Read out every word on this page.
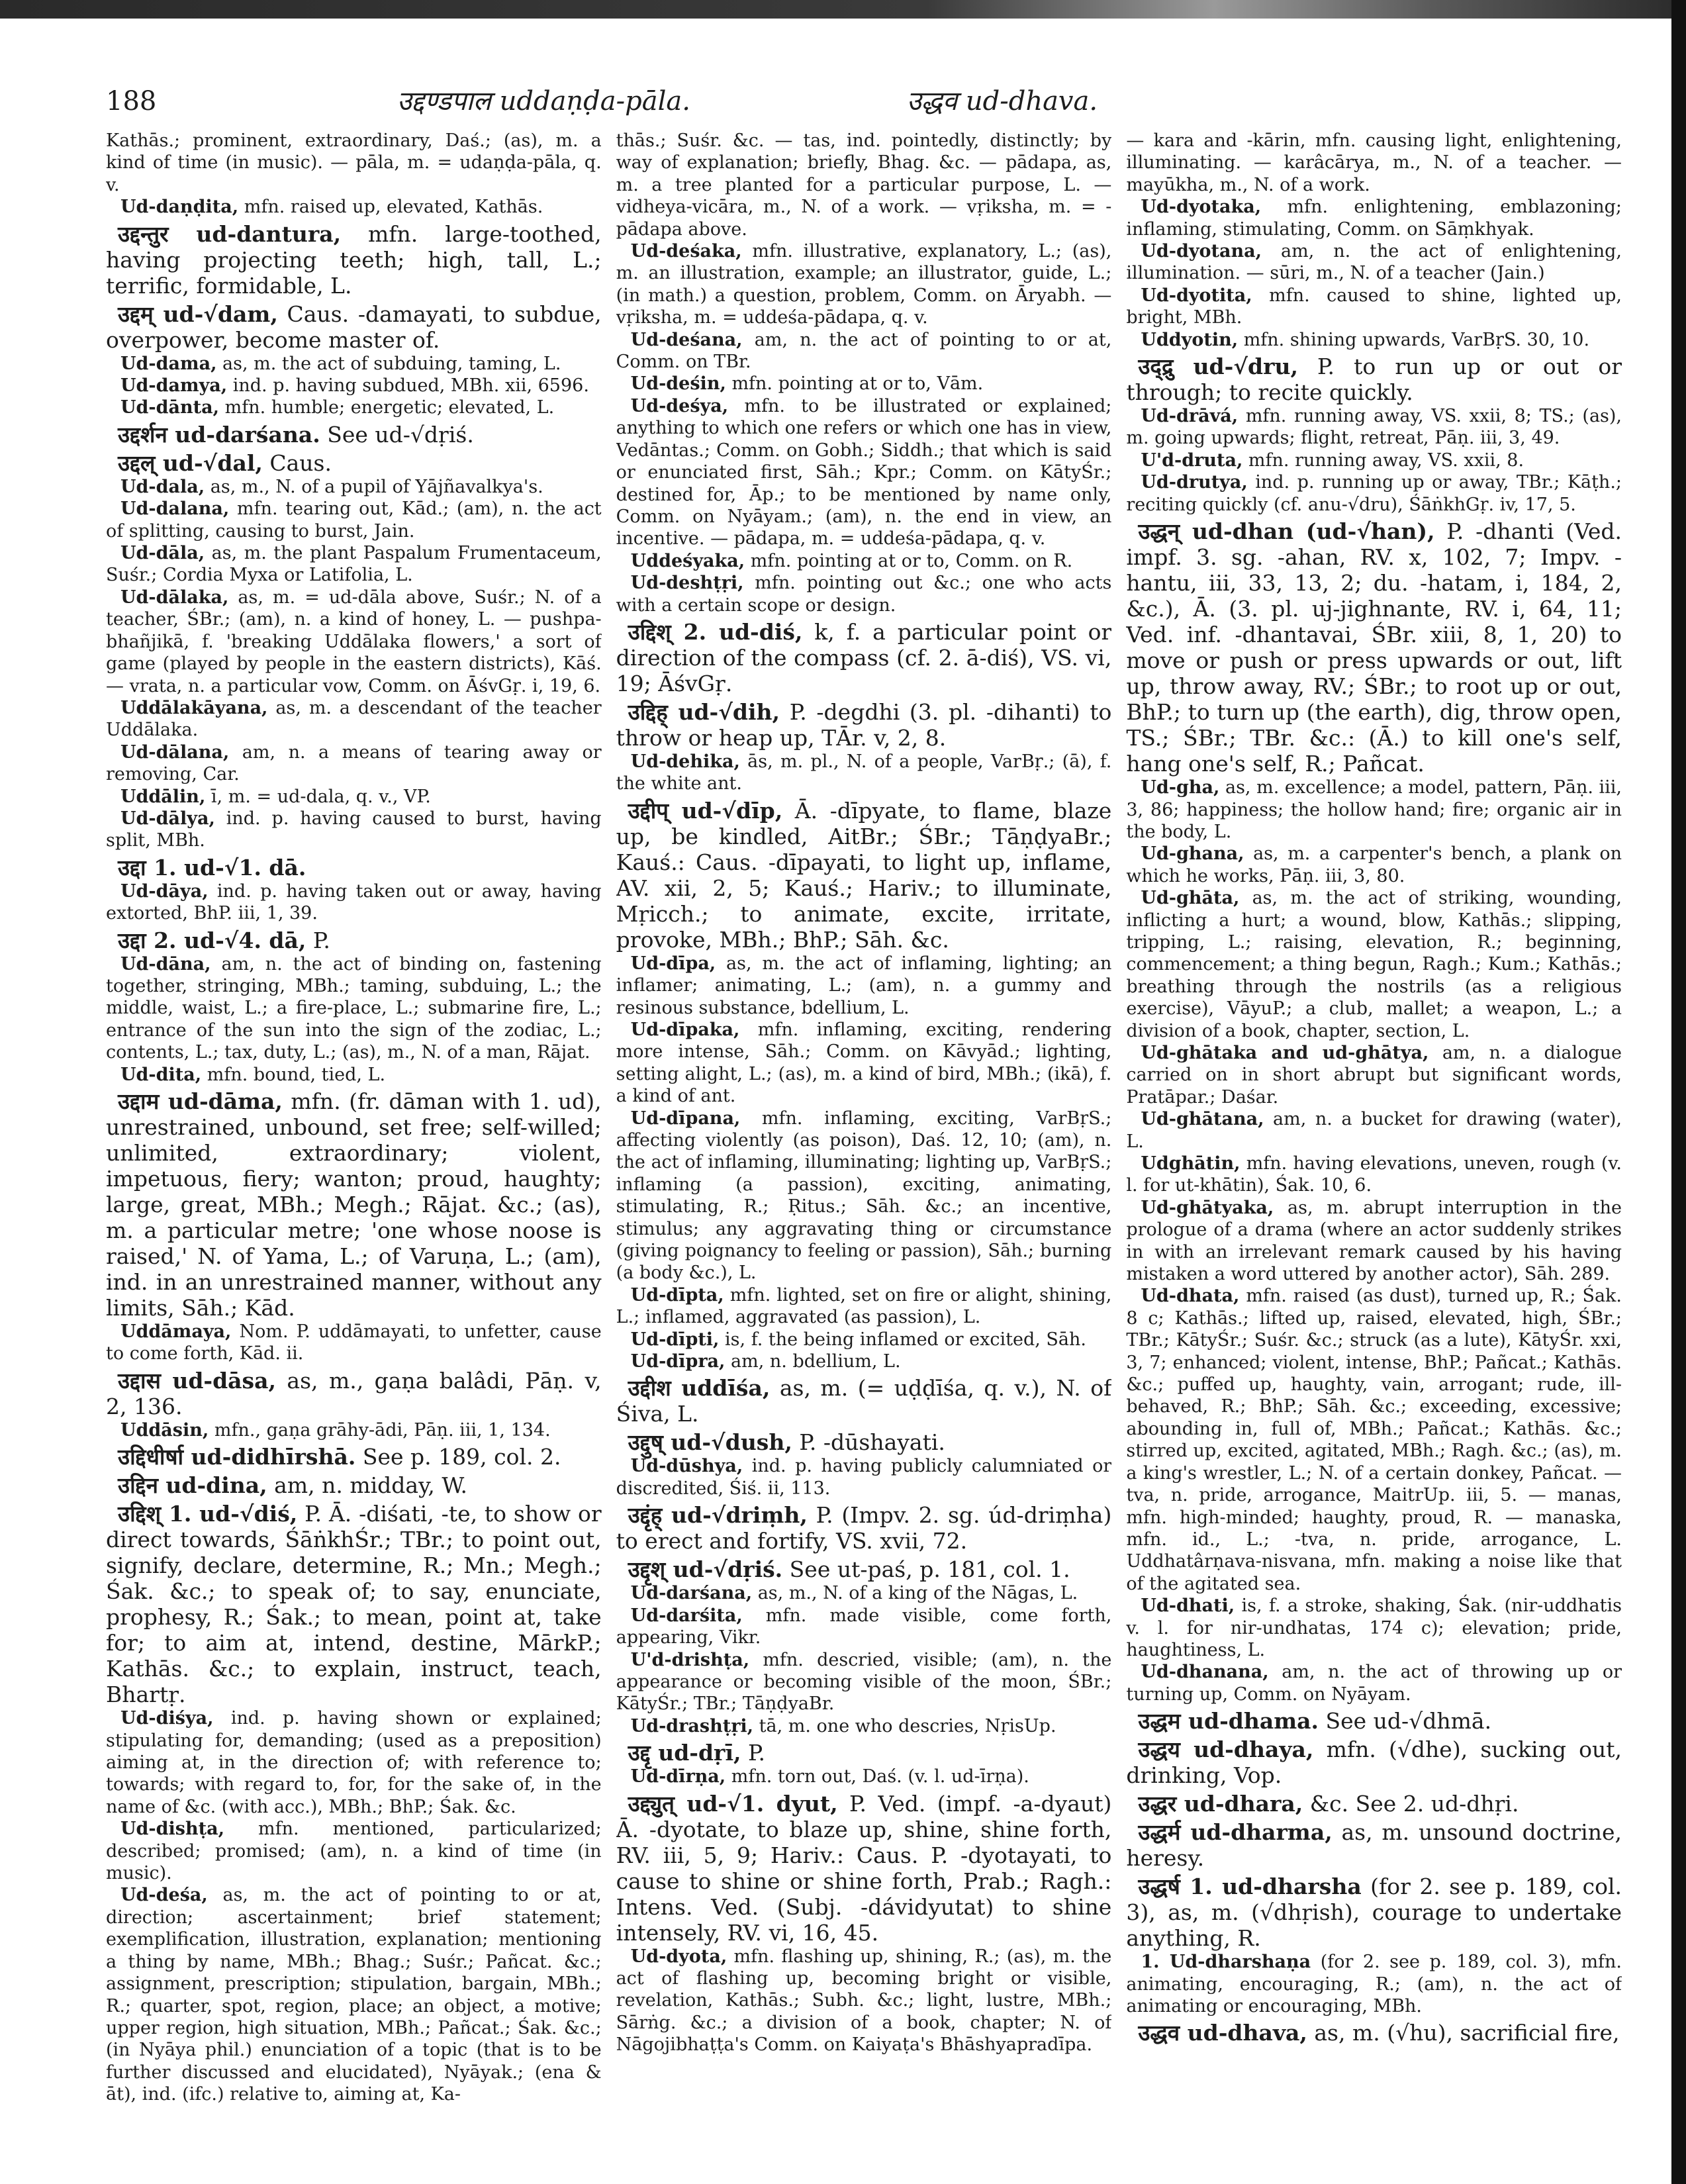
188	उद्दण्डपाल uddaṇḍa-pāla.	उद्धव ud-dhava.

Kathās.; prominent, extraordinary, Daś.; (as), m. a kind of time (in music). — pāla, m. = udaṇḍa-pāla, q. v.

Ud-daṇḍita, mfn. raised up, elevated, Kathās.

उद्दन्तुर ud-dantura, mfn. large-toothed, having projecting teeth; high, tall, L.; terrific, formidable, L.

उद्दम् ud-√dam, Caus. -damayati, to subdue, overpower, become master of.

Ud-dama, as, m. the act of subduing, taming, L.

Ud-damya, ind. p. having subdued, MBh. xii, 6596.

Ud-dānta, mfn. humble; energetic; elevated, L.

उद्दर्शन ud-darśana. See ud-√dṛiś.

उद्दल् ud-√dal, Caus.

Ud-dala, as, m., N. of a pupil of Yājñavalkya's.

Ud-dalana, mfn. tearing out, Kād.; (am), n. the act of splitting, causing to burst, Jain.

Ud-dāla, as, m. the plant Paspalum Frumentaceum, Suśr.; Cordia Myxa or Latifolia, L.

Ud-dālaka, as, m. = ud-dāla above, Suśr.; N. of a teacher, ŚBr.; (am), n. a kind of honey, L. — pushpa-bhañjikā, f. 'breaking Uddālaka flowers,' a sort of game (played by people in the eastern districts), Kāś. — vrata, n. a particular vow, Comm. on ĀśvGṛ. i, 19, 6.

Uddālakāyana, as, m. a descendant of the teacher Uddālaka.

Ud-dālana, am, n. a means of tearing away or removing, Car.

Uddālin, ī, m. = ud-dala, q. v., VP.

Ud-dālya, ind. p. having caused to burst, having split, MBh.

उद्दा 1. ud-√1. dā.

Ud-dāya, ind. p. having taken out or away, having extorted, BhP. iii, 1, 39.

उद्दा 2. ud-√4. dā, P.

Ud-dāna, am, n. the act of binding on, fastening together, stringing, MBh.; taming, subduing, L.; the middle, waist, L.; a fire-place, L.; submarine fire, L.; entrance of the sun into the sign of the zodiac, L.; contents, L.; tax, duty, L.; (as), m., N. of a man, Rājat.

Ud-dita, mfn. bound, tied, L.

उद्दाम ud-dāma, mfn. (fr. dāman with 1. ud), unrestrained, unbound, set free; self-willed; unlimited, extraordinary; violent, impetuous, fiery; wanton; proud, haughty; large, great, MBh.; Megh.; Rājat. &c.; (as), m. a particular metre; 'one whose noose is raised,' N. of Yama, L.; of Varuṇa, L.; (am), ind. in an unrestrained manner, without any limits, Sāh.; Kād.

Uddāmaya, Nom. P. uddāmayati, to unfetter, cause to come forth, Kād. ii.

उद्दास ud-dāsa, as, m., gaṇa balâdi, Pāṇ. v, 2, 136.

Uddāsin, mfn., gaṇa grāhy-ādi, Pāṇ. iii, 1, 134.

उद्दिधीर्षा ud-didhīrshā. See p. 189, col. 2.

उद्दिन ud-dina, am, n. midday, W.

उद्दिश् 1. ud-√diś, P. Ā. -diśati, -te, to show or direct towards, ŚāṅkhŚr.; TBr.; to point out, signify, declare, determine, R.; Mn.; Megh.; Śak. &c.; to speak of; to say, enunciate, prophesy, R.; Śak.; to mean, point at, take for; to aim at, intend, destine, MārkP.; Kathās. &c.; to explain, instruct, teach, Bhartṛ.

Ud-diśya, ind. p. having shown or explained; stipulating for, demanding; (used as a preposition) aiming at, in the direction of; with reference to; towards; with regard to, for, for the sake of, in the name of &c. (with acc.), MBh.; BhP.; Śak. &c.

Ud-dishṭa, mfn. mentioned, particularized; described; promised; (am), n. a kind of time (in music).

Ud-deśa, as, m. the act of pointing to or at, direction; ascertainment; brief statement; exemplification, illustration, explanation; mentioning a thing by name, MBh.; Bhag.; Suśr.; Pañcat. &c.; assignment, prescription; stipulation, bargain, MBh.; R.; quarter, spot, region, place; an object, a motive; upper region, high situation, MBh.; Pañcat.; Śak. &c.; (in Nyāya phil.) enunciation of a topic (that is to be further discussed and elucidated), Nyāyak.; (ena & āt), ind. (ifc.) relative to, aiming at, Ka-

thās.; Suśr. &c. — tas, ind. pointedly, distinctly; by way of explanation; briefly, Bhag. &c. — pādapa, as, m. a tree planted for a particular purpose, L. — vidheya-vicāra, m., N. of a work. — vṛiksha, m. = -pādapa above.

Ud-deśaka, mfn. illustrative, explanatory, L.; (as), m. an illustration, example; an illustrator, guide, L.; (in math.) a question, problem, Comm. on Āryabh. — vṛiksha, m. = uddeśa-pādapa, q. v.

Ud-deśana, am, n. the act of pointing to or at, Comm. on TBr.

Ud-deśin, mfn. pointing at or to, Vām.

Ud-deśya, mfn. to be illustrated or explained; anything to which one refers or which one has in view, Vedāntas.; Comm. on Gobh.; Siddh.; that which is said or enunciated first, Sāh.; Kpr.; Comm. on KātyŚr.; destined for, Āp.; to be mentioned by name only, Comm. on Nyāyam.; (am), n. the end in view, an incentive. — pādapa, m. = uddeśa-pādapa, q. v.

Uddeśyaka, mfn. pointing at or to, Comm. on R.

Ud-deshṭṛi, mfn. pointing out &c.; one who acts with a certain scope or design.

उद्दिश् 2. ud-diś, k, f. a particular point or direction of the compass (cf. 2. ā-diś), VS. vi, 19; ĀśvGṛ.

उद्दिह् ud-√dih, P. -degdhi (3. pl. -dihanti) to throw or heap up, TĀr. v, 2, 8.

Ud-dehika, ās, m. pl., N. of a people, VarBṛ.; (ā), f. the white ant.

उद्दीप् ud-√dīp, Ā. -dīpyate, to flame, blaze up, be kindled, AitBr.; ŚBr.; TāṇḍyaBr.; Kauś.: Caus. -dīpayati, to light up, inflame, AV. xii, 2, 5; Kauś.; Hariv.; to illuminate, Mṛicch.; to animate, excite, irritate, provoke, MBh.; BhP.; Sāh. &c.

Ud-dīpa, as, m. the act of inflaming, lighting; an inflamer; animating, L.; (am), n. a gummy and resinous substance, bdellium, L.

Ud-dīpaka, mfn. inflaming, exciting, rendering more intense, Sāh.; Comm. on Kāvyād.; lighting, setting alight, L.; (as), m. a kind of bird, MBh.; (ikā), f. a kind of ant.

Ud-dīpana, mfn. inflaming, exciting, VarBṛS.; affecting violently (as poison), Daś. 12, 10; (am), n. the act of inflaming, illuminating; lighting up, VarBṛS.; inflaming (a passion), exciting, animating, stimulating, R.; Ṛitus.; Sāh. &c.; an incentive, stimulus; any aggravating thing or circumstance (giving poignancy to feeling or passion), Sāh.; burning (a body &c.), L.

Ud-dīpta, mfn. lighted, set on fire or alight, shining, L.; inflamed, aggravated (as passion), L.

Ud-dīpti, is, f. the being inflamed or excited, Sāh.

Ud-dīpra, am, n. bdellium, L.

उद्दीश uddīśa, as, m. (= uḍḍīśa, q. v.), N. of Śiva, L.

उद्दुष् ud-√dush, P. -dūshayati.

Ud-dūshya, ind. p. having publicly calumniated or discredited, Śiś. ii, 113.

उद्दृंह् ud-√driṃh, P. (Impv. 2. sg. úd-driṃha) to erect and fortify, VS. xvii, 72.

उद्दृश् ud-√dṛiś. See ut-paś, p. 181, col. 1.

Ud-darśana, as, m., N. of a king of the Nāgas, L.

Ud-darśita, mfn. made visible, come forth, appearing, Vikr.

U'd-drishṭa, mfn. descried, visible; (am), n. the appearance or becoming visible of the moon, ŚBr.; KātyŚr.; TBr.; TāṇḍyaBr.

Ud-drashṭṛi, tā, m. one who descries, NṛisUp.

उद्दृ ud-dṛī, P.

Ud-dīrṇa, mfn. torn out, Daś. (v. l. ud-īrṇa).

उद्द्युत् ud-√1. dyut, P. Ved. (impf. -a-dyaut) Ā. -dyotate, to blaze up, shine, shine forth, RV. iii, 5, 9; Hariv.: Caus. P. -dyotayati, to cause to shine or shine forth, Prab.; Ragh.: Intens. Ved. (Subj. -dávidyutat) to shine intensely, RV. vi, 16, 45.

Ud-dyota, mfn. flashing up, shining, R.; (as), m. the act of flashing up, becoming bright or visible, revelation, Kathās.; Subh. &c.; light, lustre, MBh.; Sārṅg. &c.; a division of a book, chapter; N. of Nāgojibhaṭṭa's Comm. on Kaiyaṭa's Bhāshyapradīpa.

— kara and -kārin, mfn. causing light, enlightening, illuminating. — karâcārya, m., N. of a teacher. — mayūkha, m., N. of a work.

Ud-dyotaka, mfn. enlightening, emblazoning; inflaming, stimulating, Comm. on Sāṃkhyak.

Ud-dyotana, am, n. the act of enlightening, illumination. — sūri, m., N. of a teacher (Jain.)

Ud-dyotita, mfn. caused to shine, lighted up, bright, MBh.

Uddyotin, mfn. shining upwards, VarBṛS. 30, 10.

उद्द्रु ud-√dru, P. to run up or out or through; to recite quickly.

Ud-drāvá, mfn. running away, VS. xxii, 8; TS.; (as), m. going upwards; flight, retreat, Pāṇ. iii, 3, 49.

U'd-druta, mfn. running away, VS. xxii, 8.

Ud-drutya, ind. p. running up or away, TBr.; Kāṭh.; reciting quickly (cf. anu-√dru), ŚāṅkhGṛ. iv, 17, 5.

उद्धन् ud-dhan (ud-√han), P. -dhanti (Ved. impf. 3. sg. -ahan, RV. x, 102, 7; Impv. -hantu, iii, 33, 13, 2; du. -hatam, i, 184, 2, &c.), Ā. (3. pl. uj-jighnante, RV. i, 64, 11; Ved. inf. -dhantavai, ŚBr. xiii, 8, 1, 20) to move or push or press upwards or out, lift up, throw away, RV.; ŚBr.; to root up or out, BhP.; to turn up (the earth), dig, throw open, TS.; ŚBr.; TBr. &c.: (Ā.) to kill one's self, hang one's self, R.; Pañcat.

Ud-gha, as, m. excellence; a model, pattern, Pāṇ. iii, 3, 86; happiness; the hollow hand; fire; organic air in the body, L.

Ud-ghana, as, m. a carpenter's bench, a plank on which he works, Pāṇ. iii, 3, 80.

Ud-ghāta, as, m. the act of striking, wounding, inflicting a hurt; a wound, blow, Kathās.; slipping, tripping, L.; raising, elevation, R.; beginning, commencement; a thing begun, Ragh.; Kum.; Kathās.; breathing through the nostrils (as a religious exercise), VāyuP.; a club, mallet; a weapon, L.; a division of a book, chapter, section, L.

Ud-ghātaka and ud-ghātya, am, n. a dialogue carried on in short abrupt but significant words, Pratāpar.; Daśar.

Ud-ghātana, am, n. a bucket for drawing (water), L.

Udghātin, mfn. having elevations, uneven, rough (v. l. for ut-khātin), Śak. 10, 6.

Ud-ghātyaka, as, m. abrupt interruption in the prologue of a drama (where an actor suddenly strikes in with an irrelevant remark caused by his having mistaken a word uttered by another actor), Sāh. 289.

Ud-dhata, mfn. raised (as dust), turned up, R.; Śak. 8 c; Kathās.; lifted up, raised, elevated, high, ŚBr.; TBr.; KātyŚr.; Suśr. &c.; struck (as a lute), KātyŚr. xxi, 3, 7; enhanced; violent, intense, BhP.; Pañcat.; Kathās. &c.; puffed up, haughty, vain, arrogant; rude, ill-behaved, R.; BhP.; Sāh. &c.; exceeding, excessive; abounding in, full of, MBh.; Pañcat.; Kathās. &c.; stirred up, excited, agitated, MBh.; Ragh. &c.; (as), m. a king's wrestler, L.; N. of a certain donkey, Pañcat. — tva, n. pride, arrogance, MaitrUp. iii, 5. — manas, mfn. high-minded; haughty, proud, R. — manaska, mfn. id., L.; -tva, n. pride, arrogance, L. Uddhatârṇava-nisvana, mfn. making a noise like that of the agitated sea.

Ud-dhati, is, f. a stroke, shaking, Śak. (nir-uddhatis v. l. for nir-undhatas, 174 c); elevation; pride, haughtiness, L.

Ud-dhanana, am, n. the act of throwing up or turning up, Comm. on Nyāyam.

उद्धम ud-dhama. See ud-√dhmā.

उद्धय ud-dhaya, mfn. (√dhe), sucking out, drinking, Vop.

उद्धर ud-dhara, &c. See 2. ud-dhṛi.

उद्धर्म ud-dharma, as, m. unsound doctrine, heresy.

उद्धर्ष 1. ud-dharsha (for 2. see p. 189, col. 3), as, m. (√dhṛish), courage to undertake anything, R.

1. Ud-dharshaṇa (for 2. see p. 189, col. 3), mfn. animating, encouraging, R.; (am), n. the act of animating or encouraging, MBh.

उद्धव ud-dhava, as, m. (√hu), sacrificial fire,
